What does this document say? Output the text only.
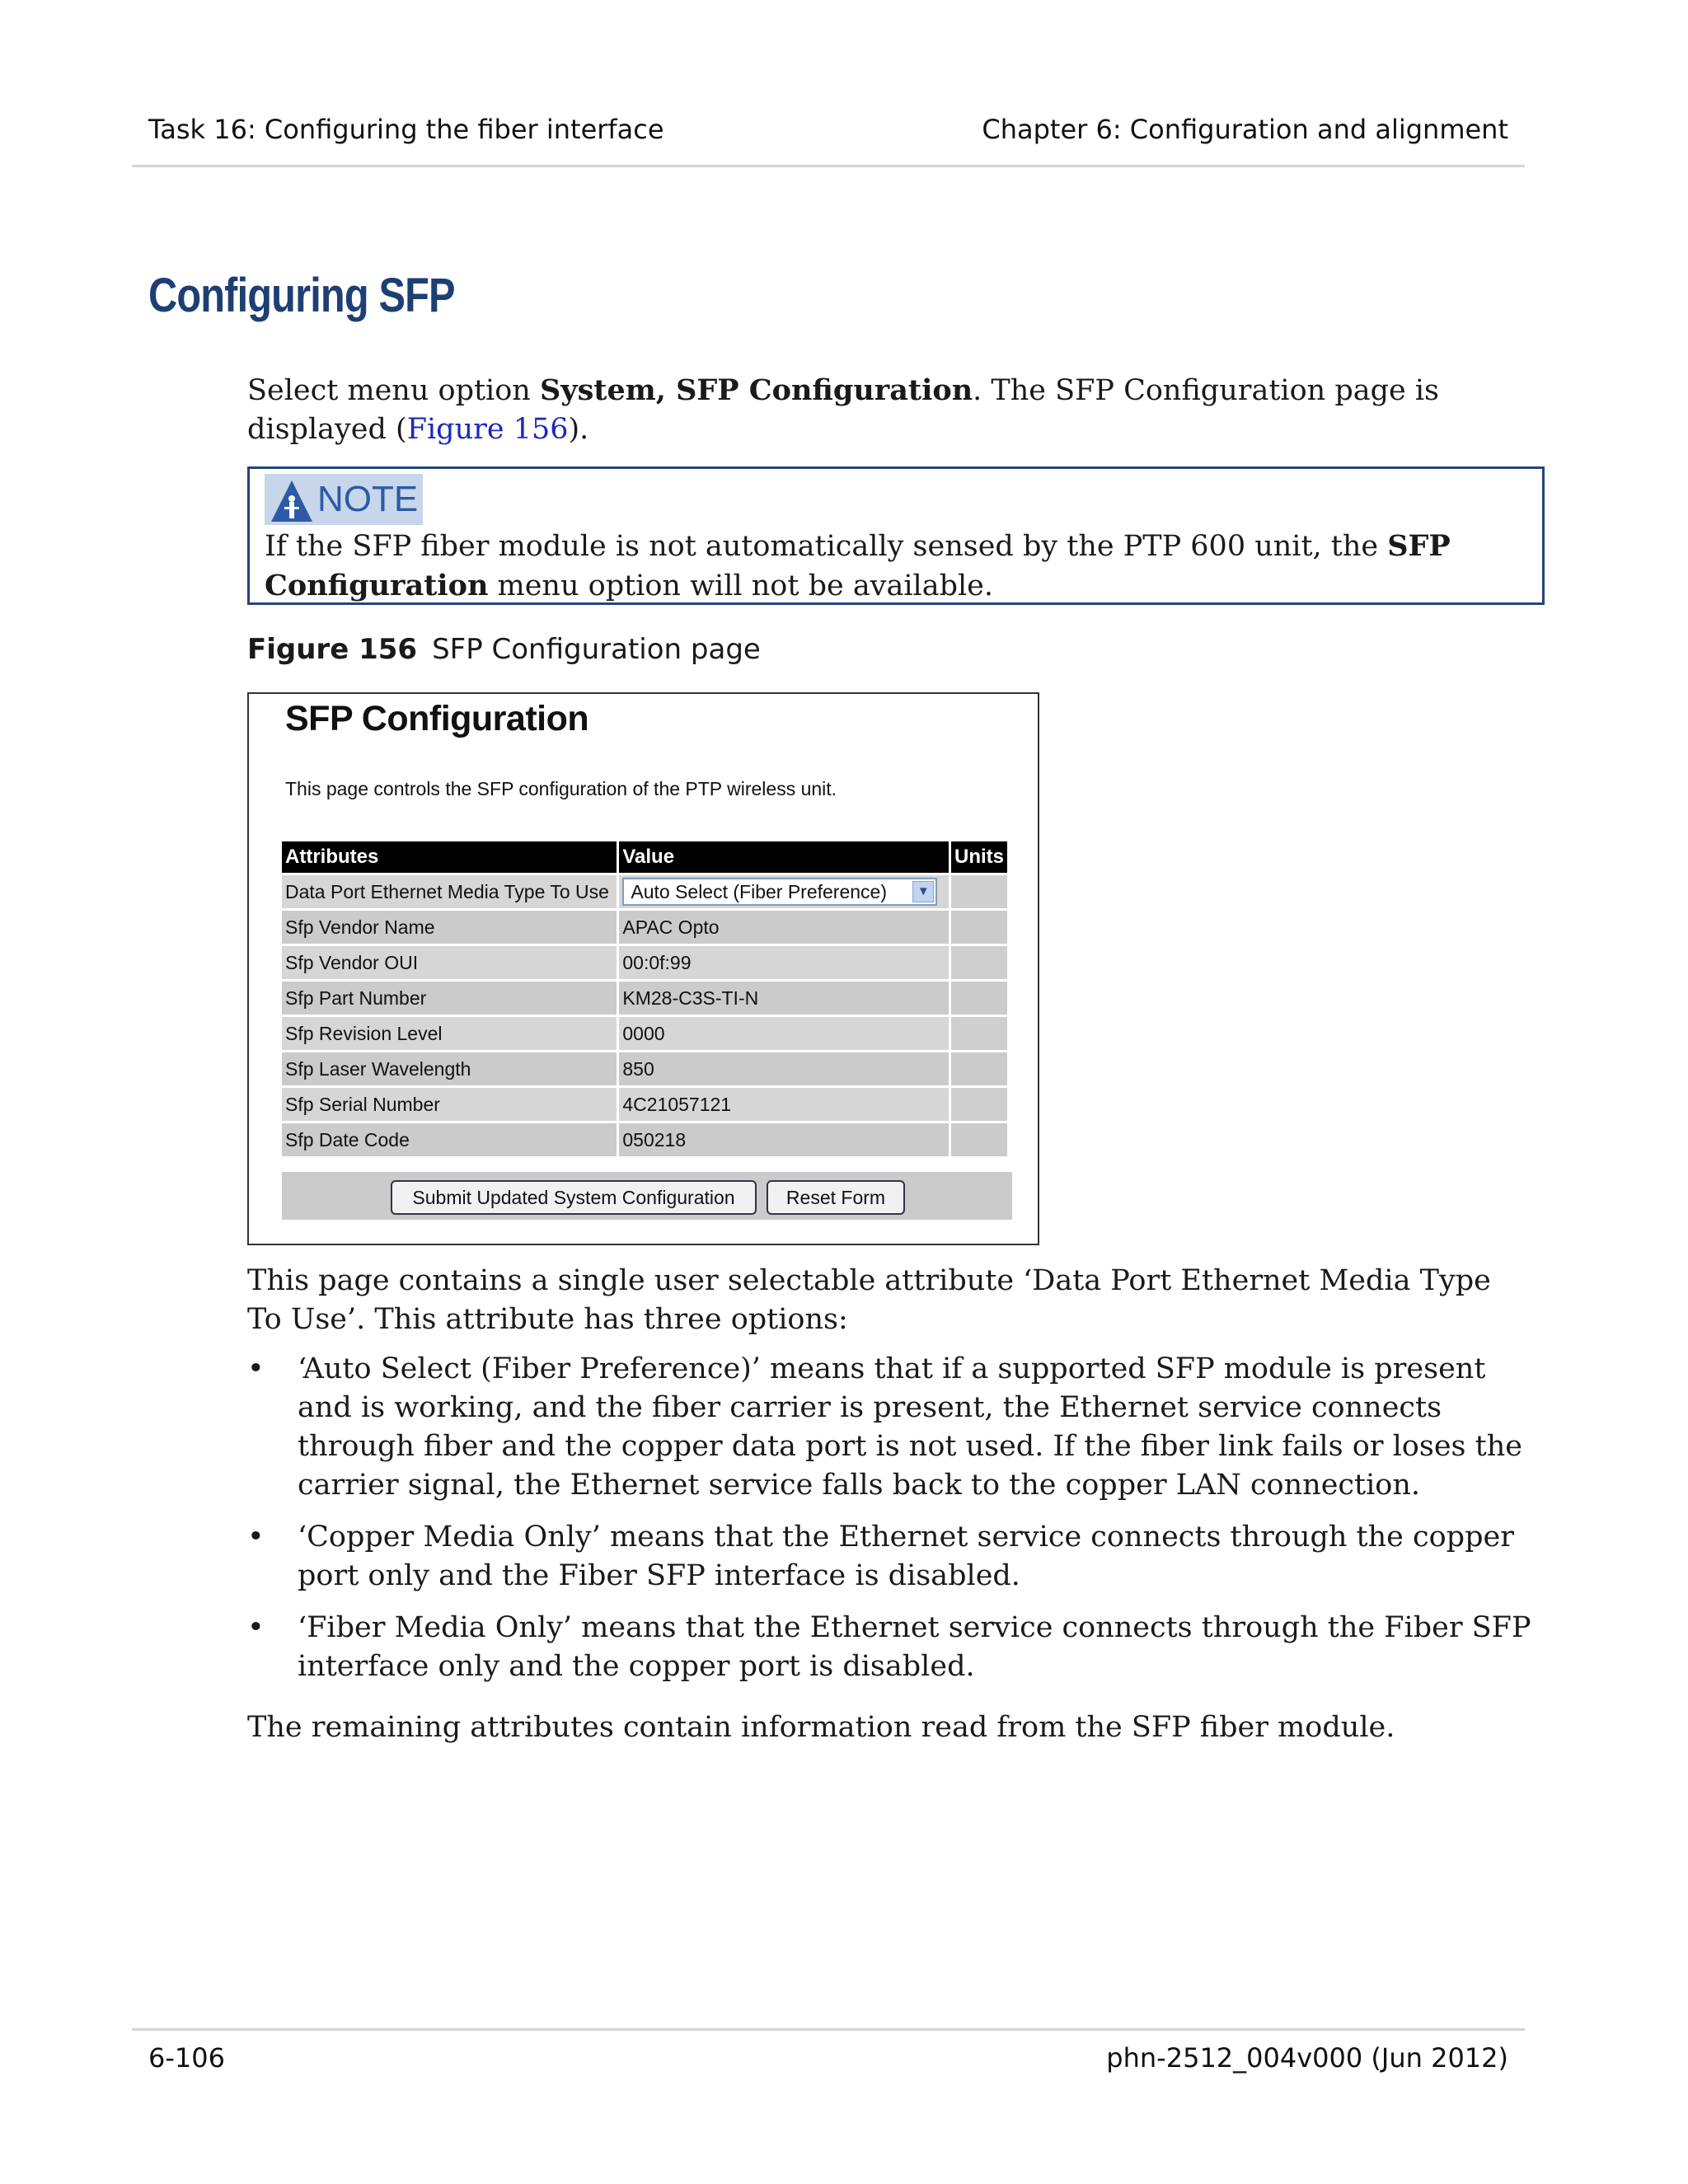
Task 16: Configuring the fiber interface	Chapter 6: Configuration and alignment
Configuring SFP
Select menu option System, SFP Configuration. The SFP Configuration page is displayed (Figure 156).
NOTE
If the SFP fiber module is not automatically sensed by the PTP 600 unit, the SFP Configuration menu option will not be available.
Figure 156 SFP Configuration page
SFP Configuration
This page controls the SFP configuration of the PTP wireless unit.
Attributes	Value	Units
Data Port Ethernet Media Type To Use	Auto Select (Fiber Preference) ▼	

Sfp Vendor Name	APAC Opto	
Sfp Vendor OUI	00:0f:99	
Sfp Part Number	KM28-C3S-TI-N	
Sfp Revision Level	0000	
Sfp Laser Wavelength	850	
Sfp Serial Number	4C21057121	
Sfp Date Code	050218	
Submit Updated System Configuration	Reset Form
This page contains a single user selectable attribute ‘Data Port Ethernet Media Type To Use’. This attribute has three options:
• ‘Auto Select (Fiber Preference)’ means that if a supported SFP module is present and is working, and the fiber carrier is present, the Ethernet service connects through fiber and the copper data port is not used. If the fiber link fails or loses the carrier signal, the Ethernet service falls back to the copper LAN connection.
• ‘Copper Media Only’ means that the Ethernet service connects through the copper port only and the Fiber SFP interface is disabled.
• ‘Fiber Media Only’ means that the Ethernet service connects through the Fiber SFP interface only and the copper port is disabled.
The remaining attributes contain information read from the SFP fiber module.
6-106	phn-2512_004v000 (Jun 2012)
